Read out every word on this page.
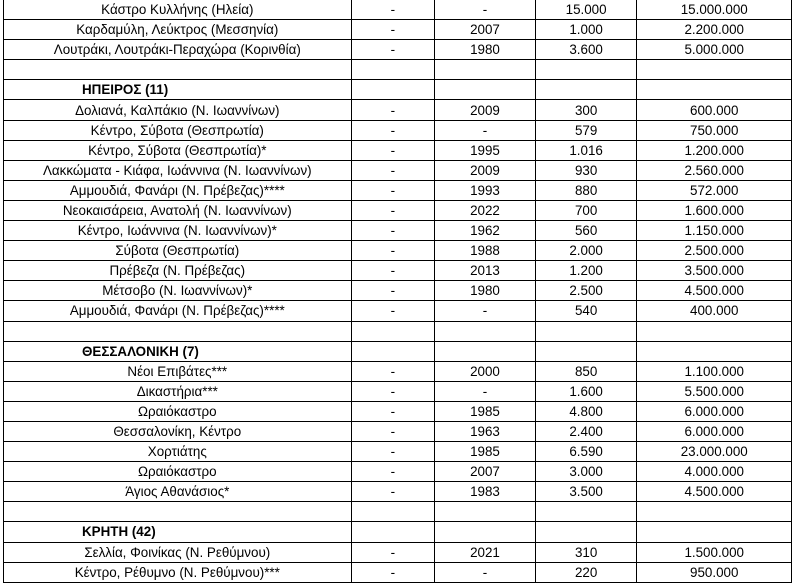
Κάστρο Κυλλήνης (Ηλεία)	-	-	15.000	15.000.000
Καρδαμύλη, Λεύκτρος (Μεσσηνία)	-	2007	1.000	2.200.000
Λουτράκι, Λουτράκι-Περαχώρα (Κορινθία)	-	1980	3.600	5.000.000

ΗΠΕΙΡΟΣ (11)				
Δολιανά, Καλπάκιο (Ν. Ιωαννίνων)	-	2009	300	600.000
Κέντρο, Σύβοτα (Θεσπρωτία)	-	-	579	750.000
Κέντρο, Σύβοτα (Θεσπρωτία)*	-	1995	1.016	1.200.000
Λακκώματα - Κιάφα, Ιωάννινα (Ν. Ιωαννίνων)	-	2009	930	2.560.000
Αμμουδιά, Φανάρι (Ν. Πρέβεζας)****	-	1993	880	572.000
Νεοκαισάρεια, Ανατολή (Ν. Ιωαννίνων)	-	2022	700	1.600.000
Κέντρο, Ιωάννινα (Ν. Ιωαννίνων)*	-	1962	560	1.150.000
Σύβοτα (Θεσπρωτία)	-	1988	2.000	2.500.000
Πρέβεζα (Ν. Πρέβεζας)	-	2013	1.200	3.500.000
Μέτσοβο (Ν. Ιωαννίνων)*	-	1980	2.500	4.500.000
Αμμουδιά, Φανάρι (Ν. Πρέβεζας)****	-	-	540	400.000

ΘΕΣΣΑΛΟΝΙΚΗ (7)				
Νέοι Επιβάτες***	-	2000	850	1.100.000
Δικαστήρια***	-	-	1.600	5.500.000
Ωραιόκαστρο	-	1985	4.800	6.000.000
Θεσσαλονίκη, Κέντρο	-	1963	2.400	6.000.000
Χορτιάτης	-	1985	6.590	23.000.000
Ωραιόκαστρο	-	2007	3.000	4.000.000
Άγιος Αθανάσιος*	-	1983	3.500	4.500.000

ΚΡΗΤΗ (42)				
Σελλία, Φοινίκας (Ν. Ρεθύμνου)	-	2021	310	1.500.000
Κέντρο, Ρέθυμνο (Ν. Ρεθύμνου)***	-	-	220	950.000
